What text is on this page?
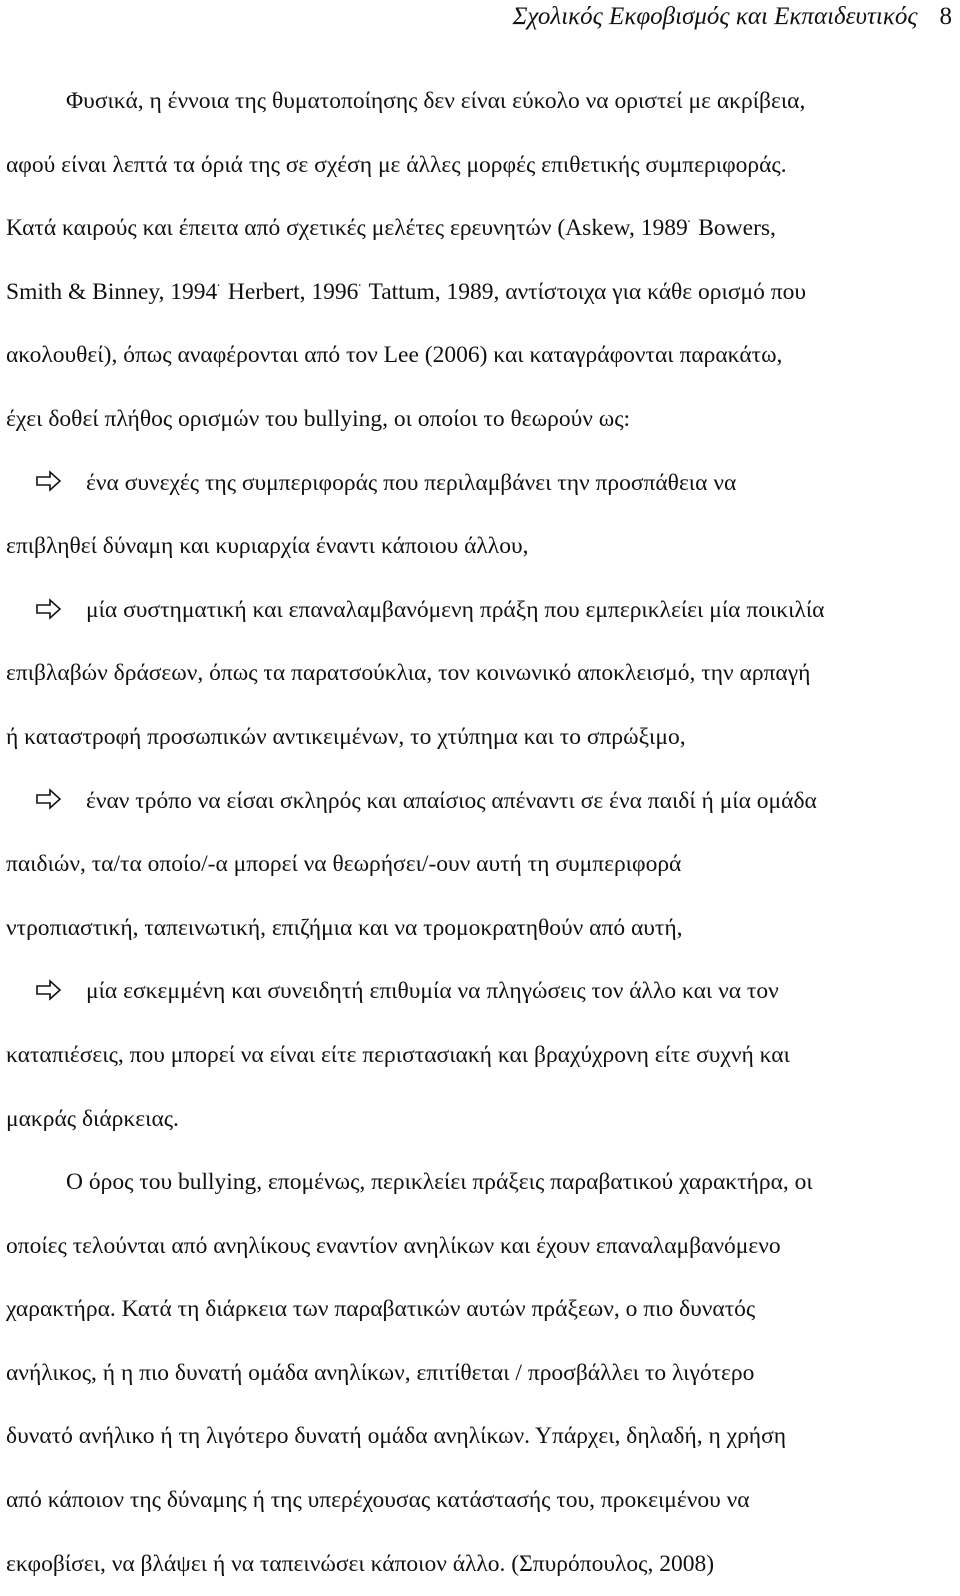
Σχολικός Εκφοβισμός και Εκπαιδευτικός 8
Φυσικά, η έννοια της θυματοποίησης δεν είναι εύκολο να οριστεί με ακρίβεια,
αφού είναι λεπτά τα όριά της σε σχέση με άλλες μορφές επιθετικής συμπεριφοράς.
Κατά καιρούς και έπειτα από σχετικές μελέτες ερευνητών (Askew, 1989· Bowers,
Smith & Binney, 1994· Herbert, 1996· Tattum, 1989, αντίστοιχα για κάθε ορισμό που
ακολουθεί), όπως αναφέρονται από τον Lee (2006) και καταγράφονται παρακάτω,
έχει δοθεί πλήθος ορισμών του bullying, οι οποίοι το θεωρούν ως:
ένα συνεχές της συμπεριφοράς που περιλαμβάνει την προσπάθεια να
επιβληθεί δύναμη και κυριαρχία έναντι κάποιου άλλου,
μία συστηματική και επαναλαμβανόμενη πράξη που εμπερικλείει μία ποικιλία
επιβλαβών δράσεων, όπως τα παρατσούκλια, τον κοινωνικό αποκλεισμό, την αρπαγή
ή καταστροφή προσωπικών αντικειμένων, το χτύπημα και το σπρώξιμο,
έναν τρόπο να είσαι σκληρός και απαίσιος απέναντι σε ένα παιδί ή μία ομάδα
παιδιών, τα/τα οποίο/-α μπορεί να θεωρήσει/-ουν αυτή τη συμπεριφορά
ντροπιαστική, ταπεινωτική, επιζήμια και να τρομοκρατηθούν από αυτή,
μία εσκεμμένη και συνειδητή επιθυμία να πληγώσεις τον άλλο και να τον
καταπιέσεις, που μπορεί να είναι είτε περιστασιακή και βραχύχρονη είτε συχνή και
μακράς διάρκειας.
Ο όρος του bullying, επομένως, περικλείει πράξεις παραβατικού χαρακτήρα, οι
οποίες τελούνται από ανηλίκους εναντίον ανηλίκων και έχουν επαναλαμβανόμενο
χαρακτήρα. Κατά τη διάρκεια των παραβατικών αυτών πράξεων, ο πιο δυνατός
ανήλικος, ή η πιο δυνατή ομάδα ανηλίκων, επιτίθεται / προσβάλλει το λιγότερο
δυνατό ανήλικο ή τη λιγότερο δυνατή ομάδα ανηλίκων. Υπάρχει, δηλαδή, η χρήση
από κάποιον της δύναμης ή της υπερέχουσας κατάστασής του, προκειμένου να
εκφοβίσει, να βλάψει ή να ταπεινώσει κάποιον άλλο. (Σπυρόπουλος, 2008)
